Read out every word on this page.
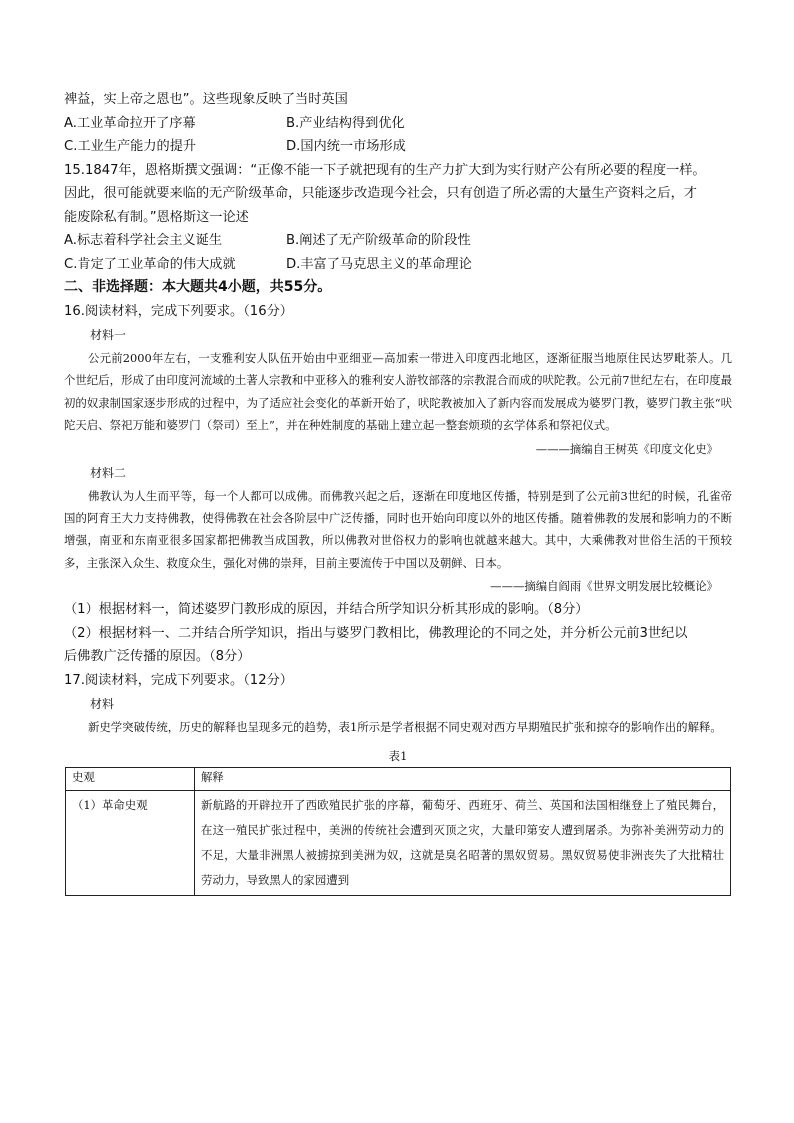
禆益，实上帝之恩也”。这些现象反映了当时英国
A.工业革命拉开了序幕	B.产业结构得到优化
C.工业生产能力的提升	D.国内统一市场形成
15.1847年，恩格斯撰文强调：“正像不能一下子就把现有的生产力扩大到为实行财产公有所必要的程度一样。
因此，很可能就要来临的无产阶级革命，只能逐步改造现今社会，只有创造了所必需的大量生产资料之后，才
能废除私有制。”恩格斯这一论述
A.标志着科学社会主义诞生	B.阐述了无产阶级革命的阶段性
C.肯定了工业革命的伟大成就	D.丰富了马克思主义的革命理论
二、非选择题：本大题共4小题，共55分。
16.阅读材料，完成下列要求。（16分）
材料一
公元前2000年左右，一支雅利安人队伍开始由中亚细亚—高加索一带进入印度西北地区，逐渐征服当地原住民达罗毗荼人。几个世纪后，形成了由印度河流域的土著人宗教和中亚移入的雅利安人游牧部落的宗教混合而成的吠陀教。公元前7世纪左右，在印度最初的奴隶制国家逐步形成的过程中，为了适应社会变化的革新开始了，吠陀教被加入了新内容而发展成为婆罗门教，婆罗门教主张“吠陀天启、祭祀万能和婆罗门（祭司）至上”，并在种姓制度的基础上建立起一整套烦琐的玄学体系和祭祀仪式。
———摘编自王树英《印度文化史》
材料二
佛教认为人生而平等，每一个人都可以成佛。而佛教兴起之后，逐渐在印度地区传播，特别是到了公元前3世纪的时候，孔雀帝国的阿育王大力支持佛教，使得佛教在社会各阶层中广泛传播，同时也开始向印度以外的地区传播。随着佛教的发展和影响力的不断增强，南亚和东南亚很多国家都把佛教当成国教，所以佛教对世俗权力的影响也就越来越大。其中，大乘佛教对世俗生活的干预较多，主张深入众生、救度众生，强化对佛的崇拜，目前主要流传于中国以及朝鲜、日本。
———摘编自阎雨《世界文明发展比较概论》
（1）根据材料一，简述婆罗门教形成的原因，并结合所学知识分析其形成的影响。（8分）
（2）根据材料一、二并结合所学知识，指出与婆罗门教相比，佛教理论的不同之处，并分析公元前3世纪以
后佛教广泛传播的原因。（8分）
17.阅读材料，完成下列要求。（12分）
材料
新史学突破传统，历史的解释也呈现多元的趋势，表1所示是学者根据不同史观对西方早期殖民扩张和掠夺的影响作出的解释。
表1
史观	解释
（1）革命史观	新航路的开辟拉开了西欧殖民扩张的序幕，葡萄牙、西班牙、荷兰、英国和法国相继登上了殖民舞台，在这一殖民扩张过程中，美洲的传统社会遭到灭顶之灾，大量印第安人遭到屠杀。为弥补美洲劳动力的不足，大量非洲黑人被掳掠到美洲为奴，这就是臭名昭著的黑奴贸易。黑奴贸易使非洲丧失了大批精壮劳动力，导致黑人的家园遭到
